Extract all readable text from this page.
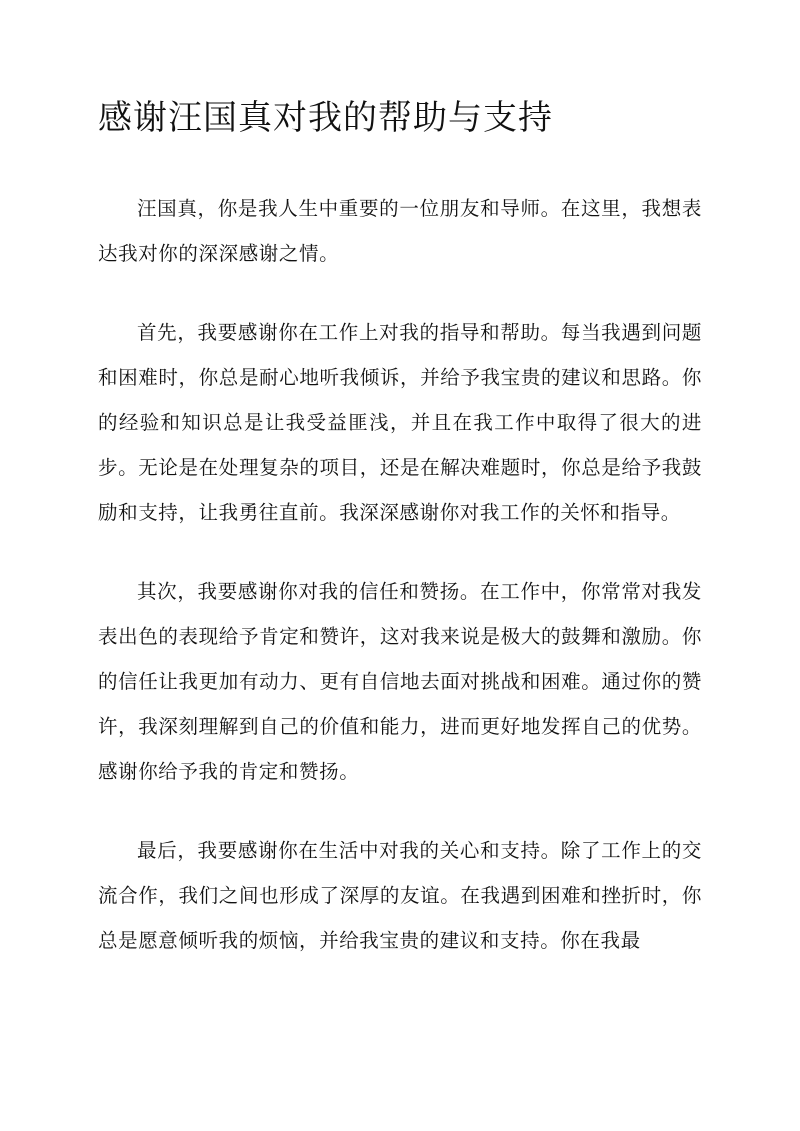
感谢汪国真对我的帮助与支持

汪国真，你是我人生中重要的一位朋友和导师。在这里，我想表达我对你的深深感谢之情。

首先，我要感谢你在工作上对我的指导和帮助。每当我遇到问题和困难时，你总是耐心地听我倾诉，并给予我宝贵的建议和思路。你的经验和知识总是让我受益匪浅，并且在我工作中取得了很大的进步。无论是在处理复杂的项目，还是在解决难题时，你总是给予我鼓励和支持，让我勇往直前。我深深感谢你对我工作的关怀和指导。

其次，我要感谢你对我的信任和赞扬。在工作中，你常常对我发表出色的表现给予肯定和赞许，这对我来说是极大的鼓舞和激励。你的信任让我更加有动力、更有自信地去面对挑战和困难。通过你的赞许，我深刻理解到自己的价值和能力，进而更好地发挥自己的优势。感谢你给予我的肯定和赞扬。

最后，我要感谢你在生活中对我的关心和支持。除了工作上的交流合作，我们之间也形成了深厚的友谊。在我遇到困难和挫折时，你总是愿意倾听我的烦恼，并给我宝贵的建议和支持。你在我最
